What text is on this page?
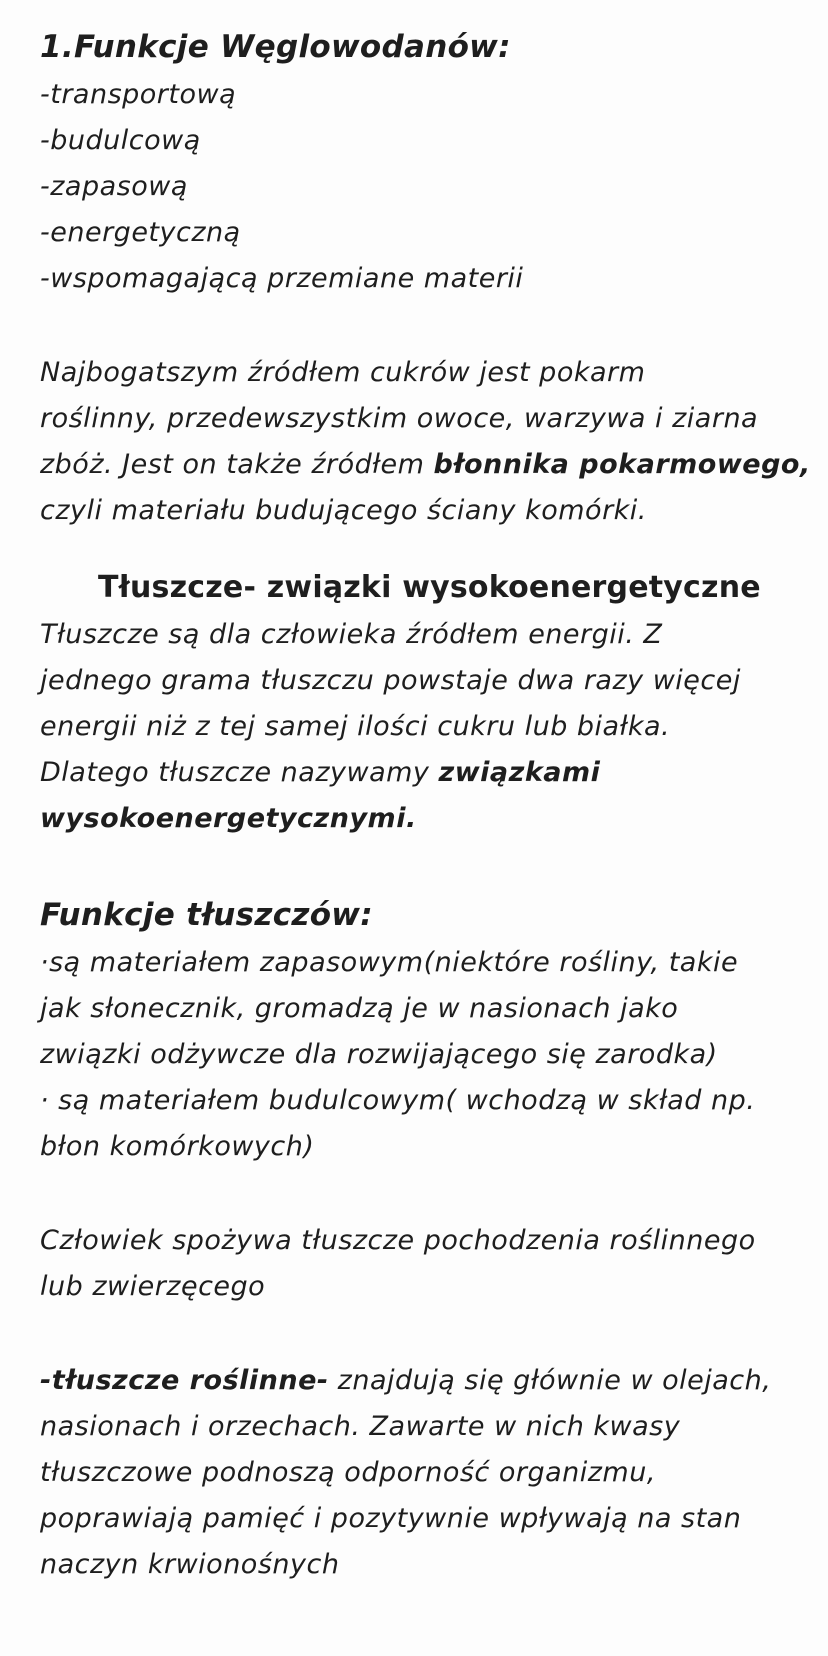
1.Funkcje Węglowodanów:
-transportową
-budulcową
-zapasową
-energetyczną
-wspomagającą przemiane materii
Najbogatszym źródłem cukrów jest pokarm
roślinny, przedewszystkim owoce, warzywa i ziarna
zbóż. Jest on także źródłem błonnika pokarmowego,
czyli materiału budującego ściany komórki.
Tłuszcze- związki wysokoenergetyczne
Tłuszcze są dla człowieka źródłem energii. Z
jednego grama tłuszczu powstaje dwa razy więcej
energii niż z tej samej ilości cukru lub białka.
Dlatego tłuszcze nazywamy związkami
wysokoenergetycznymi.
Funkcje tłuszczów:
·są materiałem zapasowym(niektóre rośliny, takie
jak słonecznik, gromadzą je w nasionach jako
związki odżywcze dla rozwijającego się zarodka)
· są materiałem budulcowym( wchodzą w skład np.
błon komórkowych)
Człowiek spożywa tłuszcze pochodzenia roślinnego
lub zwierzęcego
-tłuszcze roślinne- znajdują się głównie w olejach,
nasionach i orzechach. Zawarte w nich kwasy
tłuszczowe podnoszą odporność organizmu,
poprawiają pamięć i pozytywnie wpływają na stan
naczyn krwionośnych
